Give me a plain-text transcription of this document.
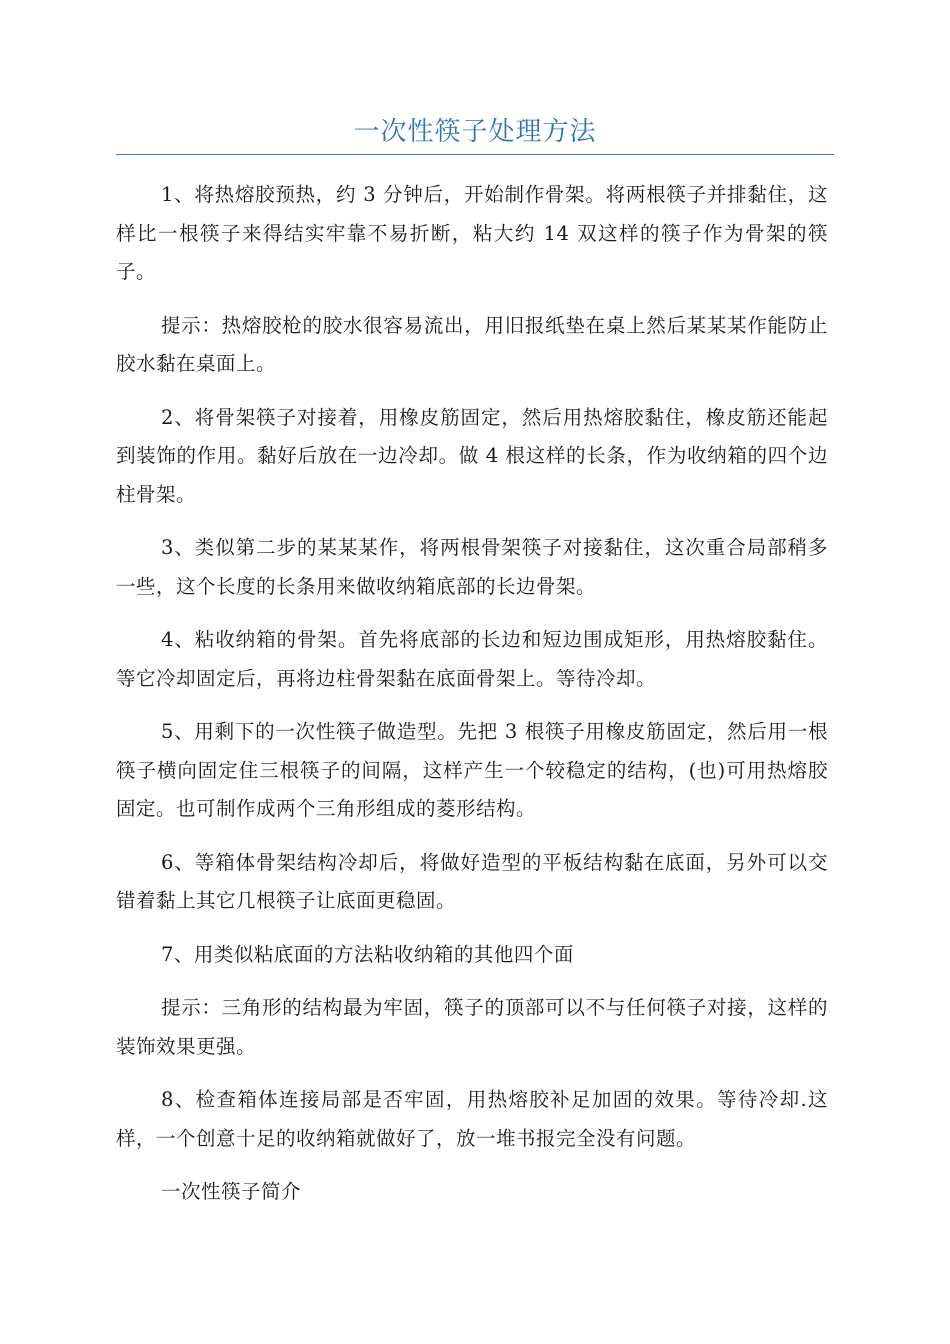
一次性筷子处理方法

1、将热熔胶预热，约 3 分钟后，开始制作骨架。将两根筷子并排黏住，这样比一根筷子来得结实牢靠不易折断，粘大约 14 双这样的筷子作为骨架的筷子。

提示：热熔胶枪的胶水很容易流出，用旧报纸垫在桌上然后某某某作能防止胶水黏在桌面上。

2、将骨架筷子对接着，用橡皮筋固定，然后用热熔胶黏住，橡皮筋还能起到装饰的作用。黏好后放在一边冷却。做 4 根这样的长条，作为收纳箱的四个边柱骨架。

3、类似第二步的某某某作，将两根骨架筷子对接黏住，这次重合局部稍多一些，这个长度的长条用来做收纳箱底部的长边骨架。

4、粘收纳箱的骨架。首先将底部的长边和短边围成矩形，用热熔胶黏住。等它冷却固定后，再将边柱骨架黏在底面骨架上。等待冷却。

5、用剩下的一次性筷子做造型。先把 3 根筷子用橡皮筋固定，然后用一根筷子横向固定住三根筷子的间隔，这样产生一个较稳定的结构，(也)可用热熔胶固定。也可制作成两个三角形组成的菱形结构。

6、等箱体骨架结构冷却后，将做好造型的平板结构黏在底面，另外可以交错着黏上其它几根筷子让底面更稳固。

7、用类似粘底面的方法粘收纳箱的其他四个面

提示：三角形的结构最为牢固，筷子的顶部可以不与任何筷子对接，这样的装饰效果更强。

8、检查箱体连接局部是否牢固，用热熔胶补足加固的效果。等待冷却.这样，一个创意十足的收纳箱就做好了，放一堆书报完全没有问题。

一次性筷子简介
